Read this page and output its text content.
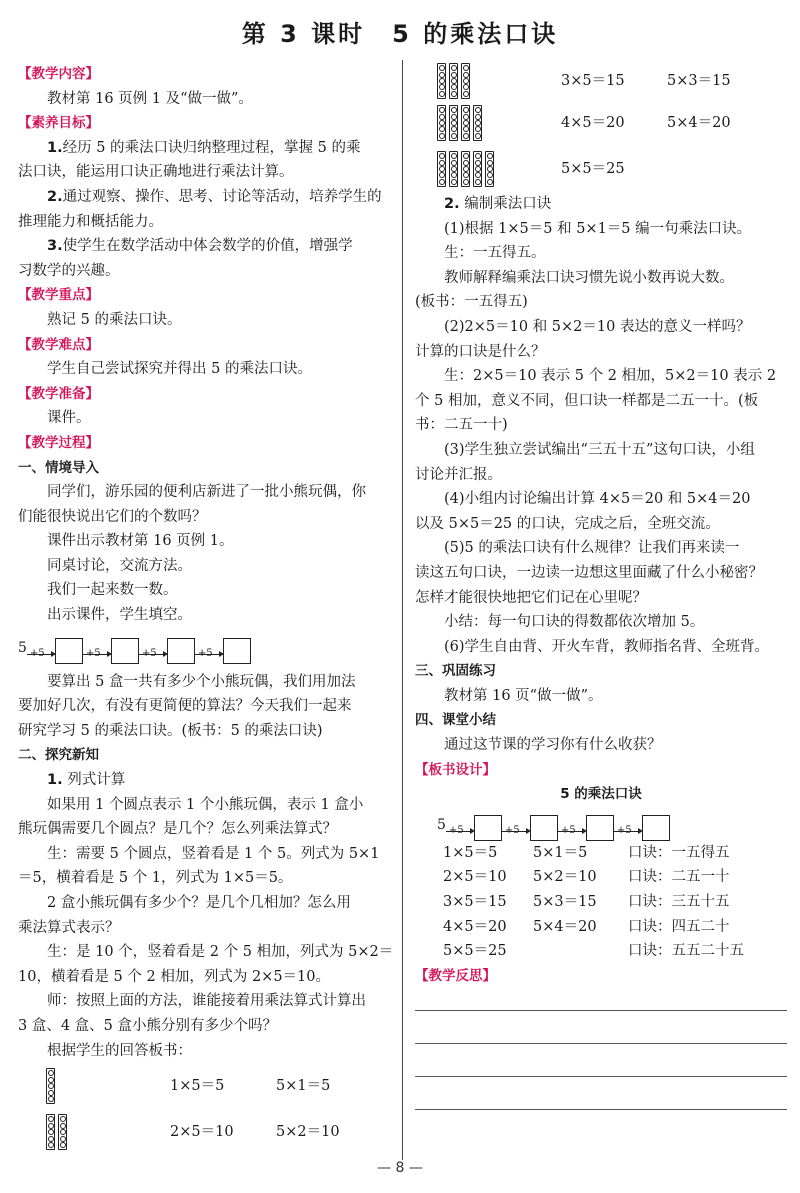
第 3 课时　5 的乘法口诀

【教学内容】

教材第 16 页例 1 及“做一做”。

【素养目标】

1.经历 5 的乘法口诀归纳整理过程，掌握 5 的乘

法口诀，能运用口诀正确地进行乘法计算。

2.通过观察、操作、思考、讨论等活动，培养学生的

推理能力和概括能力。

3.使学生在数学活动中体会数学的价值，增强学

习数学的兴趣。

【教学重点】

熟记 5 的乘法口诀。

【教学难点】

学生自己尝试探究并得出 5 的乘法口诀。

【教学准备】

课件。

【教学过程】

一、情境导入

同学们，游乐园的便利店新进了一批小熊玩偶，你

们能很快说出它们的个数吗？

课件出示教材第 16 页例 1。

同桌讨论，交流方法。

我们一起来数一数。

出示课件，学生填空。

5 +5	+5	+5	+5

要算出 5 盒一共有多少个小熊玩偶，我们用加法

要加好几次，有没有更简便的算法？今天我们一起来

研究学习 5 的乘法口诀。(板书：5 的乘法口诀)

二、探究新知

1. 列式计算

如果用 1 个圆点表示 1 个小熊玩偶，表示 1 盒小

熊玩偶需要几个圆点？是几个？怎么列乘法算式？

生：需要 5 个圆点，竖着看是 1 个 5。列式为 5×1

＝5，横着看是 5 个 1，列式为 1×5＝5。

2 盒小熊玩偶有多少个？是几个几相加？怎么用

乘法算式表示？

生：是 10 个，竖着看是 2 个 5 相加，列式为 5×2＝

10，横着看是 5 个 2 相加，列式为 2×5＝10。

师：按照上面的方法，谁能接着用乘法算式计算出

3 盒、4 盒、5 盒小熊分别有多少个吗？

根据学生的回答板书：

1×5＝5	5×1＝5
2×5＝10	5×2＝10
3×5＝15	5×3＝15
4×5＝20	5×4＝20
5×5＝25

2. 编制乘法口诀

(1)根据 1×5＝5 和 5×1＝5 编一句乘法口诀。

生：一五得五。

教师解释编乘法口诀习惯先说小数再说大数。

(板书：一五得五)

(2)2×5＝10 和 5×2＝10 表达的意义一样吗？

计算的口诀是什么？

生：2×5＝10 表示 5 个 2 相加，5×2＝10 表示 2

个 5 相加，意义不同，但口诀一样都是二五一十。(板

书：二五一十)

(3)学生独立尝试编出“三五十五”这句口诀，小组

讨论并汇报。

(4)小组内讨论编出计算 4×5＝20 和 5×4＝20

以及 5×5＝25 的口诀，完成之后，全班交流。

(5)5 的乘法口诀有什么规律？让我们再来读一

读这五句口诀，一边读一边想这里面藏了什么小秘密？

怎样才能很快地把它们记在心里呢？

小结：每一句口诀的得数都依次增加 5。

(6)学生自由背、开火车背，教师指名背、全班背。

三、巩固练习

教材第 16 页“做一做”。

四、课堂小结

通过这节课的学习你有什么收获？

【板书设计】

5 的乘法口诀

5 +5	+5	+5	+5
1×5＝5	5×1＝5	口诀：一五得五
2×5＝10	5×2＝10	口诀：二五一十
3×5＝15	5×3＝15	口诀：三五十五
4×5＝20	5×4＝20	口诀：四五二十
5×5＝25	口诀：五五二十五

【教学反思】

— 8 —
